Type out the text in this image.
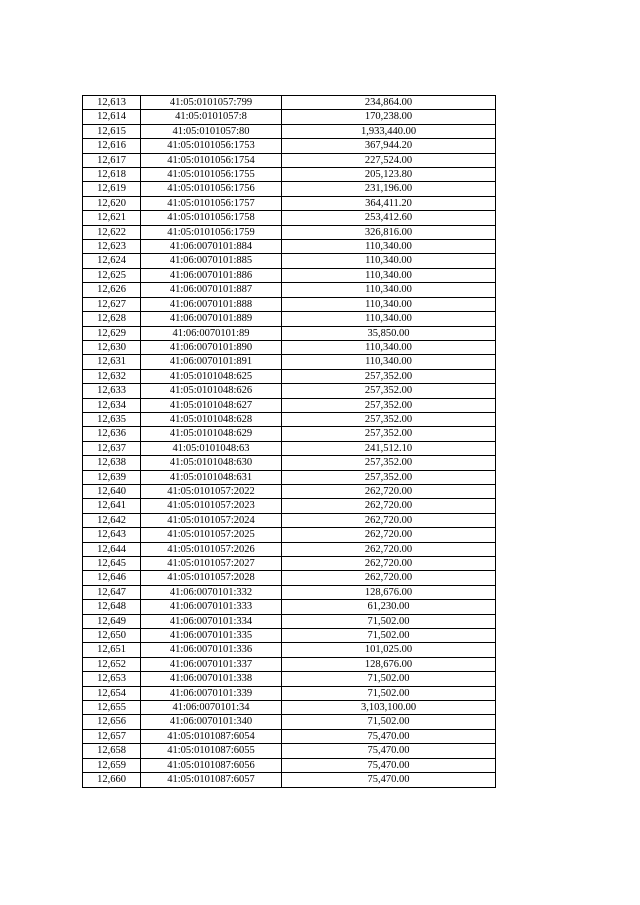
12,613	41:05:0101057:799	234,864.00
12,614	41:05:0101057:8	170,238.00
12,615	41:05:0101057:80	1,933,440.00
12,616	41:05:0101056:1753	367,944.20
12,617	41:05:0101056:1754	227,524.00
12,618	41:05:0101056:1755	205,123.80
12,619	41:05:0101056:1756	231,196.00
12,620	41:05:0101056:1757	364,411.20
12,621	41:05:0101056:1758	253,412.60
12,622	41:05:0101056:1759	326,816.00
12,623	41:06:0070101:884	110,340.00
12,624	41:06:0070101:885	110,340.00
12,625	41:06:0070101:886	110,340.00
12,626	41:06:0070101:887	110,340.00
12,627	41:06:0070101:888	110,340.00
12,628	41:06:0070101:889	110,340.00
12,629	41:06:0070101:89	35,850.00
12,630	41:06:0070101:890	110,340.00
12,631	41:06:0070101:891	110,340.00
12,632	41:05:0101048:625	257,352.00
12,633	41:05:0101048:626	257,352.00
12,634	41:05:0101048:627	257,352.00
12,635	41:05:0101048:628	257,352.00
12,636	41:05:0101048:629	257,352.00
12,637	41:05:0101048:63	241,512.10
12,638	41:05:0101048:630	257,352.00
12,639	41:05:0101048:631	257,352.00
12,640	41:05:0101057:2022	262,720.00
12,641	41:05:0101057:2023	262,720.00
12,642	41:05:0101057:2024	262,720.00
12,643	41:05:0101057:2025	262,720.00
12,644	41:05:0101057:2026	262,720.00
12,645	41:05:0101057:2027	262,720.00
12,646	41:05:0101057:2028	262,720.00
12,647	41:06:0070101:332	128,676.00
12,648	41:06:0070101:333	61,230.00
12,649	41:06:0070101:334	71,502.00
12,650	41:06:0070101:335	71,502.00
12,651	41:06:0070101:336	101,025.00
12,652	41:06:0070101:337	128,676.00
12,653	41:06:0070101:338	71,502.00
12,654	41:06:0070101:339	71,502.00
12,655	41:06:0070101:34	3,103,100.00
12,656	41:06:0070101:340	71,502.00
12,657	41:05:0101087:6054	75,470.00
12,658	41:05:0101087:6055	75,470.00
12,659	41:05:0101087:6056	75,470.00
12,660	41:05:0101087:6057	75,470.00
